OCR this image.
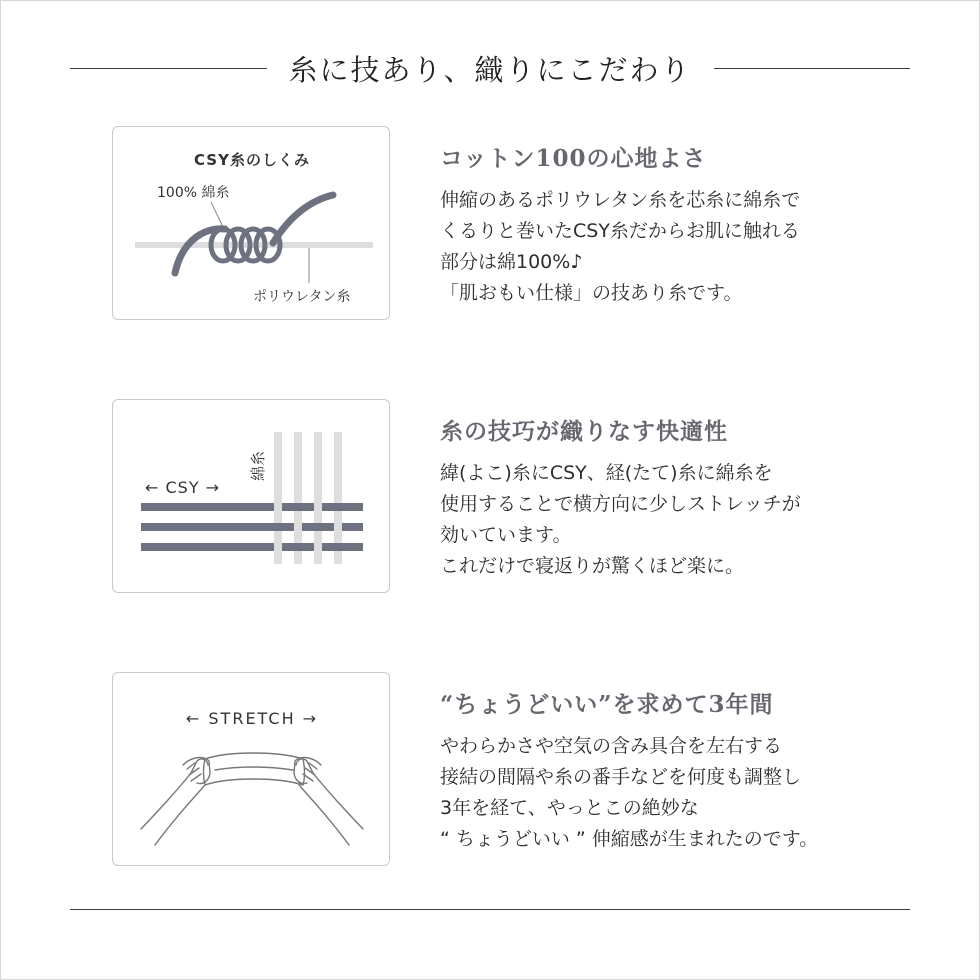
糸に技あり、織りにこだわり
CSY糸のしくみ
100% 綿糸
ポリウレタン糸
← CSY →
綿糸
← STRETCH →
コットン100の心地よさ
伸縮のあるポリウレタン糸を芯糸に綿糸で
くるりと巻いたCSY糸だからお肌に触れる
部分は綿100%♪
「肌おもい仕様」の技あり糸です。
糸の技巧が織りなす快適性
緯(よこ)糸にCSY、経(たて)糸に綿糸を
使用することで横方向に少しストレッチが
効いています。
これだけで寝返りが驚くほど楽に。
“ちょうどいい”を求めて3年間
やわらかさや空気の含み具合を左右する
接結の間隔や糸の番手などを何度も調整し
3年を経て、やっとこの絶妙な
“ ちょうどいい ” 伸縮感が生まれたのです。
